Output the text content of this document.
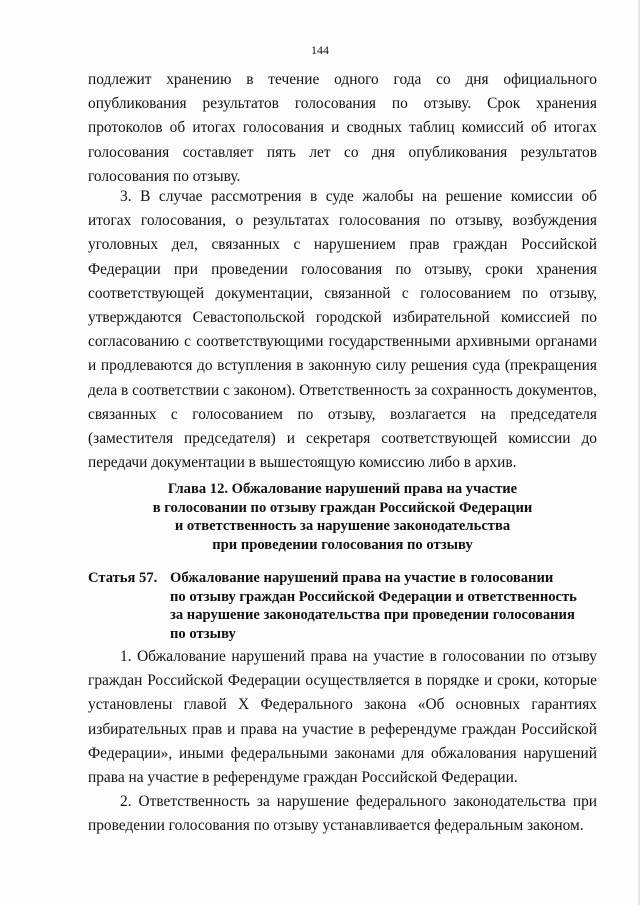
144

подлежит хранению в течение одного года со дня официального опубликования результатов голосования по отзыву. Срок хранения протоколов об итогах голосования и сводных таблиц комиссий об итогах голосования составляет пять лет со дня опубликования результатов голосования по отзыву.

3. В случае рассмотрения в суде жалобы на решение комиссии об итогах голосования, о результатах голосования по отзыву, возбуждения уголовных дел, связанных с нарушением прав граждан Российской Федерации при проведении голосования по отзыву, сроки хранения соответствующей документации, связанной с голосованием по отзыву, утверждаются Севастопольской городской избирательной комиссией по согласованию с соответствующими государственными архивными органами и продлеваются до вступления в законную силу решения суда (прекращения дела в соответствии с законом). Ответственность за сохранность документов, связанных с голосованием по отзыву, возлагается на председателя (заместителя председателя) и секретаря соответствующей комиссии до передачи документации в вышестоящую комиссию либо в архив.

Глава 12. Обжалование нарушений права на участие
в голосовании по отзыву граждан Российской Федерации
и ответственность за нарушение законодательства
при проведении голосования по отзыву
Статья 57. Обжалование нарушений права на участие в голосовании
по отзыву граждан Российской Федерации и ответственность
за нарушение законодательства при проведении голосования
по отзыву

1. Обжалование нарушений права на участие в голосовании по отзыву граждан Российской Федерации осуществляется в порядке и сроки, которые установлены главой X Федерального закона «Об основных гарантиях избирательных прав и права на участие в референдуме граждан Российской Федерации», иными федеральными законами для обжалования нарушений права на участие в референдуме граждан Российской Федерации.

2. Ответственность за нарушение федерального законодательства при проведении голосования по отзыву устанавливается федеральным законом.
